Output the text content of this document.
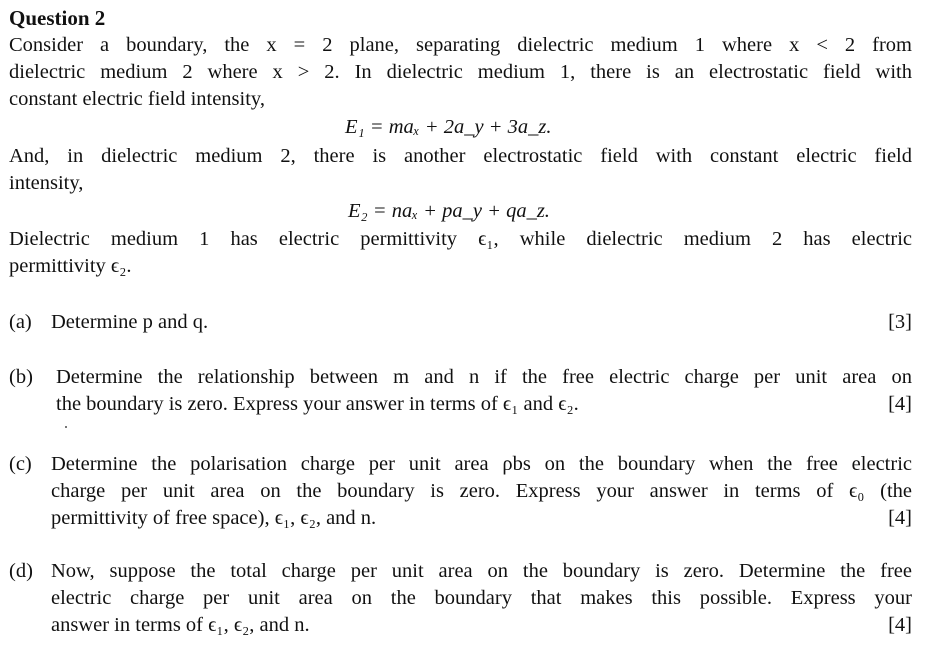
Question 2
Consider a boundary, the x = 2 plane, separating dielectric medium 1 where x < 2 from
dielectric medium 2 where x > 2. In dielectric medium 1, there is an electrostatic field with
constant electric field intensity,
E₁ = maₓ + 2a_y + 3a_z.
And, in dielectric medium 2, there is another electrostatic field with constant electric field
intensity,
E₂ = naₓ + pa_y + qa_z.
Dielectric medium 1 has electric permittivity ϵ₁, while dielectric medium 2 has electric
permittivity ϵ₂.
(a) Determine p and q.	[3]
(b) Determine the relationship between m and n if the free electric charge per unit area on
the boundary is zero. Express your answer in terms of ϵ₁ and ϵ₂.	[4]
(c) Determine the polarisation charge per unit area ρbs on the boundary when the free electric
charge per unit area on the boundary is zero. Express your answer in terms of ϵ₀ (the
permittivity of free space), ϵ₁, ϵ₂, and n.	[4]
(d) Now, suppose the total charge per unit area on the boundary is zero. Determine the free
electric charge per unit area on the boundary that makes this possible. Express your
answer in terms of ϵ₁, ϵ₂, and n.	[4]
